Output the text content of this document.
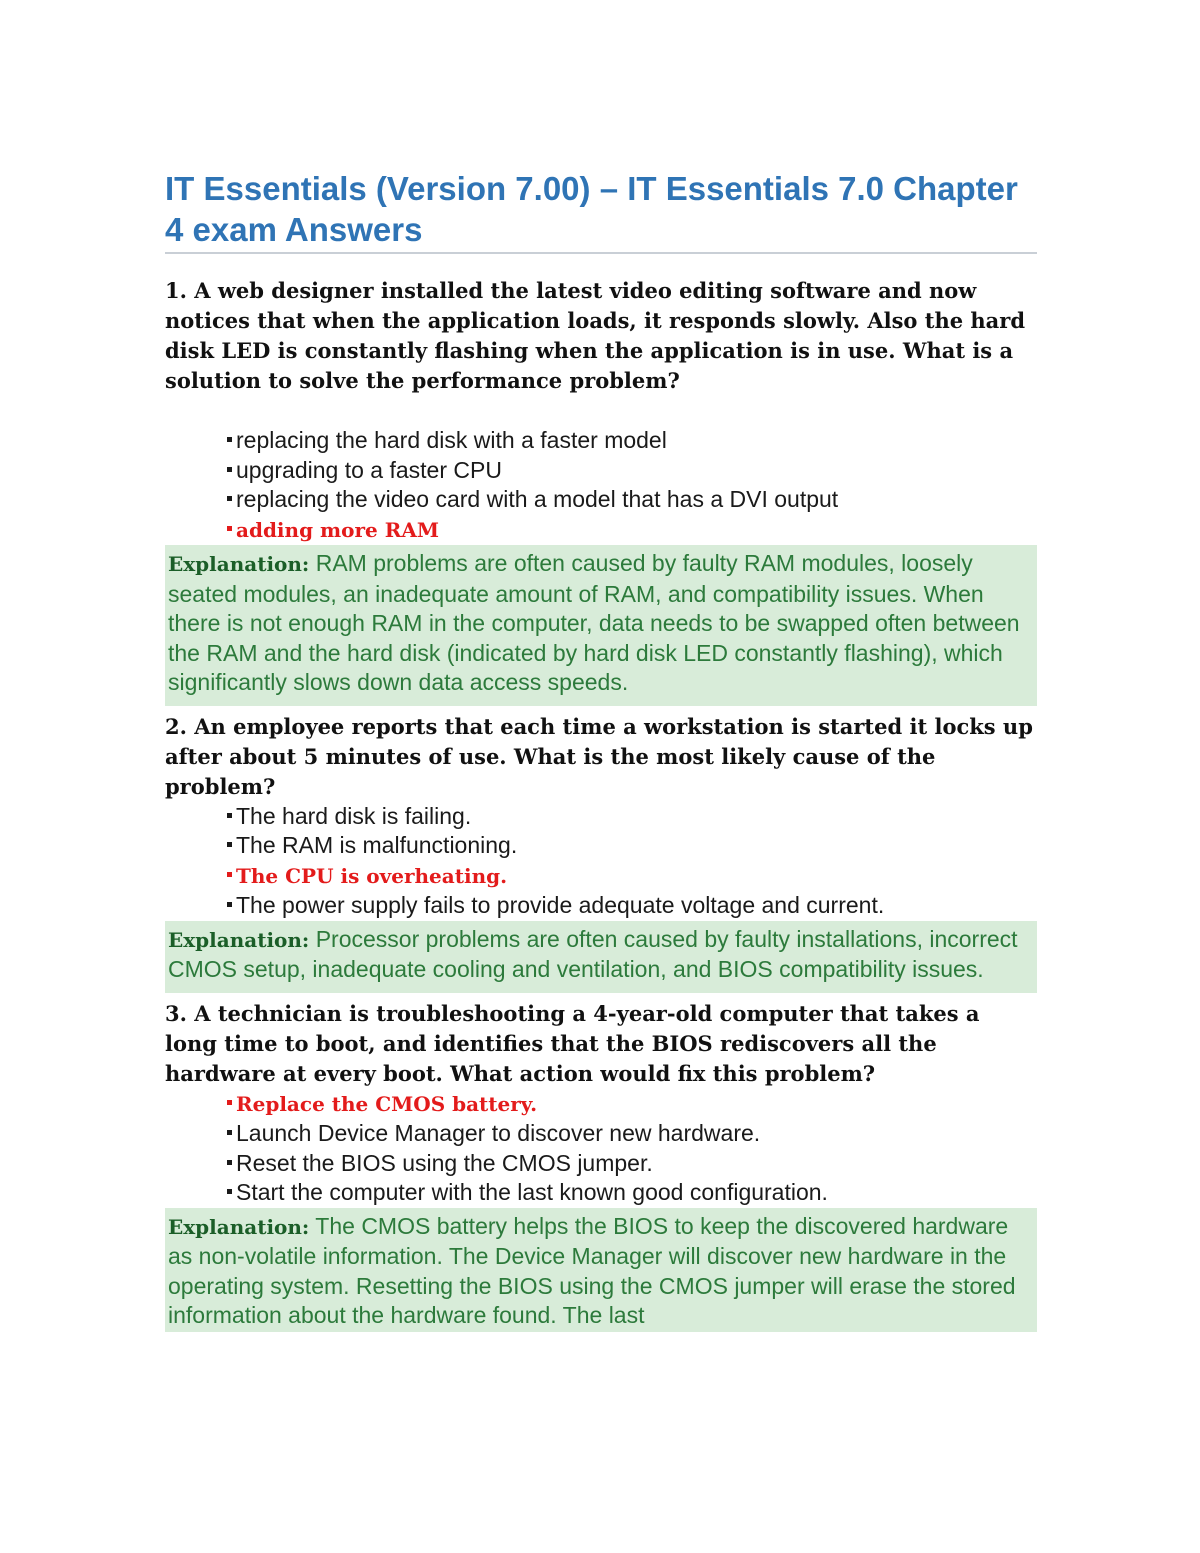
IT Essentials (Version 7.00) – IT Essentials 7.0 Chapter 4 exam Answers

1. A web designer installed the latest video editing software and now notices that when the application loads, it responds slowly. Also the hard disk LED is constantly flashing when the application is in use. What is a solution to solve the performance problem?

replacing the hard disk with a faster model
upgrading to a faster CPU
replacing the video card with a model that has a DVI output
adding more RAM
Explanation: RAM problems are often caused by faulty RAM modules, loosely seated modules, an inadequate amount of RAM, and compatibility issues. When there is not enough RAM in the computer, data needs to be swapped often between the RAM and the hard disk (indicated by hard disk LED constantly flashing), which significantly slows down data access speeds.

2. An employee reports that each time a workstation is started it locks up after about 5 minutes of use. What is the most likely cause of the problem?

The hard disk is failing.
The RAM is malfunctioning.
The CPU is overheating.
The power supply fails to provide adequate voltage and current.
Explanation: Processor problems are often caused by faulty installations, incorrect CMOS setup, inadequate cooling and ventilation, and BIOS compatibility issues.

3. A technician is troubleshooting a 4-year-old computer that takes a long time to boot, and identifies that the BIOS rediscovers all the hardware at every boot. What action would fix this problem?

Replace the CMOS battery.
Launch Device Manager to discover new hardware.
Reset the BIOS using the CMOS jumper.
Start the computer with the last known good configuration.
Explanation: The CMOS battery helps the BIOS to keep the discovered hardware as non-volatile information. The Device Manager will discover new hardware in the operating system. Resetting the BIOS using the CMOS jumper will erase the stored information about the hardware found. The last
